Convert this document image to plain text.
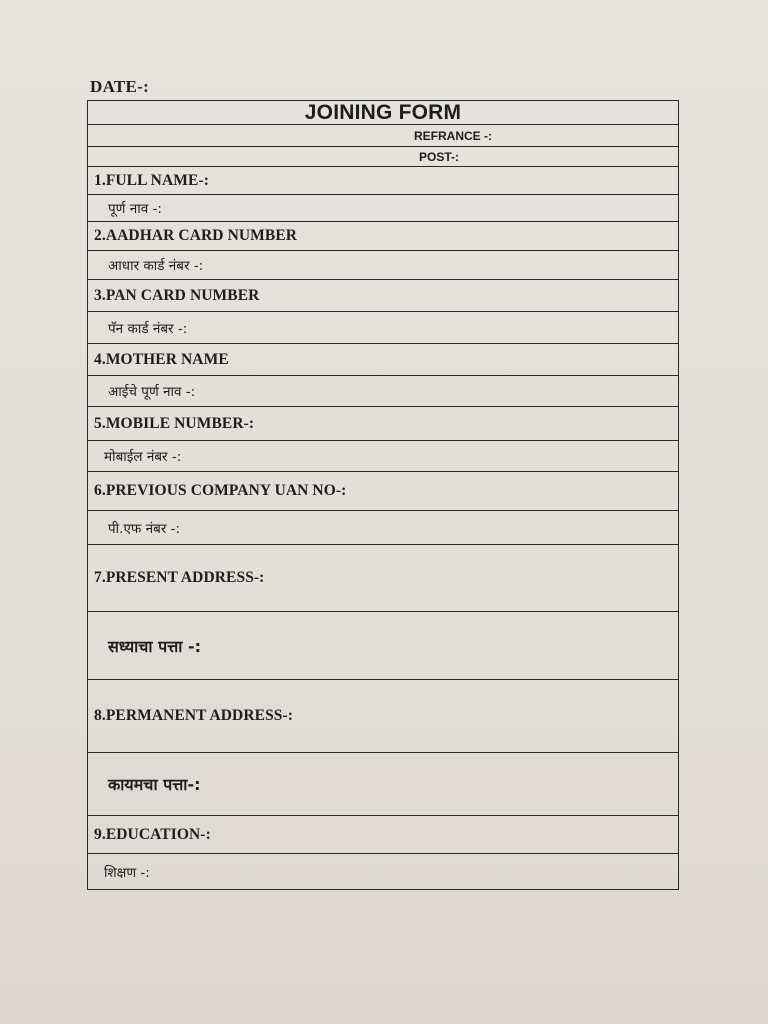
DATE-:
JOINING FORM
REFRANCE -:
POST-:
1.FULL NAME-:
पूर्ण नाव -:
2.AADHAR CARD NUMBER
आधार कार्ड नंबर -:
3.PAN CARD NUMBER
पॅन कार्ड नंबर -:
4.MOTHER NAME
आईचे पूर्ण नाव -:
5.MOBILE NUMBER-:
मोबाईल नंबर -:
6.PREVIOUS COMPANY UAN NO-:
पी.एफ नंबर -:
7.PRESENT ADDRESS-:
सध्याचा पत्ता -:
8.PERMANENT ADDRESS-:
कायमचा पत्ता-:
9.EDUCATION-:
शिक्षण -:
